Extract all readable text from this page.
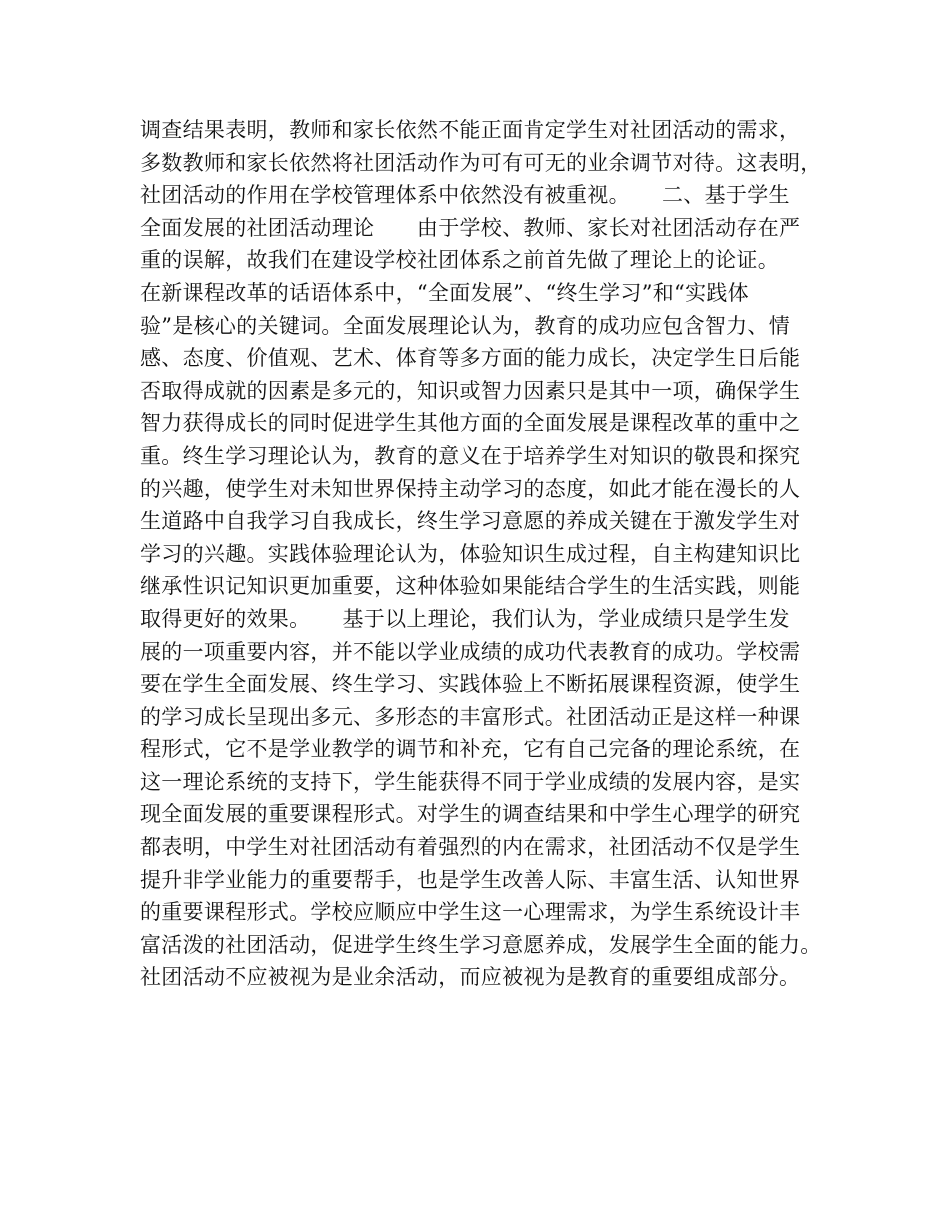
调查结果表明，教师和家长依然不能正面肯定学生对社团活动的需求，
多数教师和家长依然将社团活动作为可有可无的业余调节对待。这表明，
社团活动的作用在学校管理体系中依然没有被重视。　　二、基于学生
全面发展的社团活动理论　　由于学校、教师、家长对社团活动存在严
重的误解，故我们在建设学校社团体系之前首先做了理论上的论证。
在新课程改革的话语体系中，“全面发展”、“终生学习”和“实践体
验”是核心的关键词。全面发展理论认为，教育的成功应包含智力、情
感、态度、价值观、艺术、体育等多方面的能力成长，决定学生日后能
否取得成就的因素是多元的，知识或智力因素只是其中一项，确保学生
智力获得成长的同时促进学生其他方面的全面发展是课程改革的重中之
重。终生学习理论认为，教育的意义在于培养学生对知识的敬畏和探究
的兴趣，使学生对未知世界保持主动学习的态度，如此才能在漫长的人
生道路中自我学习自我成长，终生学习意愿的养成关键在于激发学生对
学习的兴趣。实践体验理论认为，体验知识生成过程，自主构建知识比
继承性识记知识更加重要，这种体验如果能结合学生的生活实践，则能
取得更好的效果。　　基于以上理论，我们认为，学业成绩只是学生发
展的一项重要内容，并不能以学业成绩的成功代表教育的成功。学校需
要在学生全面发展、终生学习、实践体验上不断拓展课程资源，使学生
的学习成长呈现出多元、多形态的丰富形式。社团活动正是这样一种课
程形式，它不是学业教学的调节和补充，它有自己完备的理论系统，在
这一理论系统的支持下，学生能获得不同于学业成绩的发展内容，是实
现全面发展的重要课程形式。对学生的调查结果和中学生心理学的研究
都表明，中学生对社团活动有着强烈的内在需求，社团活动不仅是学生
提升非学业能力的重要帮手，也是学生改善人际、丰富生活、认知世界
的重要课程形式。学校应顺应中学生这一心理需求，为学生系统设计丰
富活泼的社团活动，促进学生终生学习意愿养成，发展学生全面的能力。
社团活动不应被视为是业余活动，而应被视为是教育的重要组成部分。
